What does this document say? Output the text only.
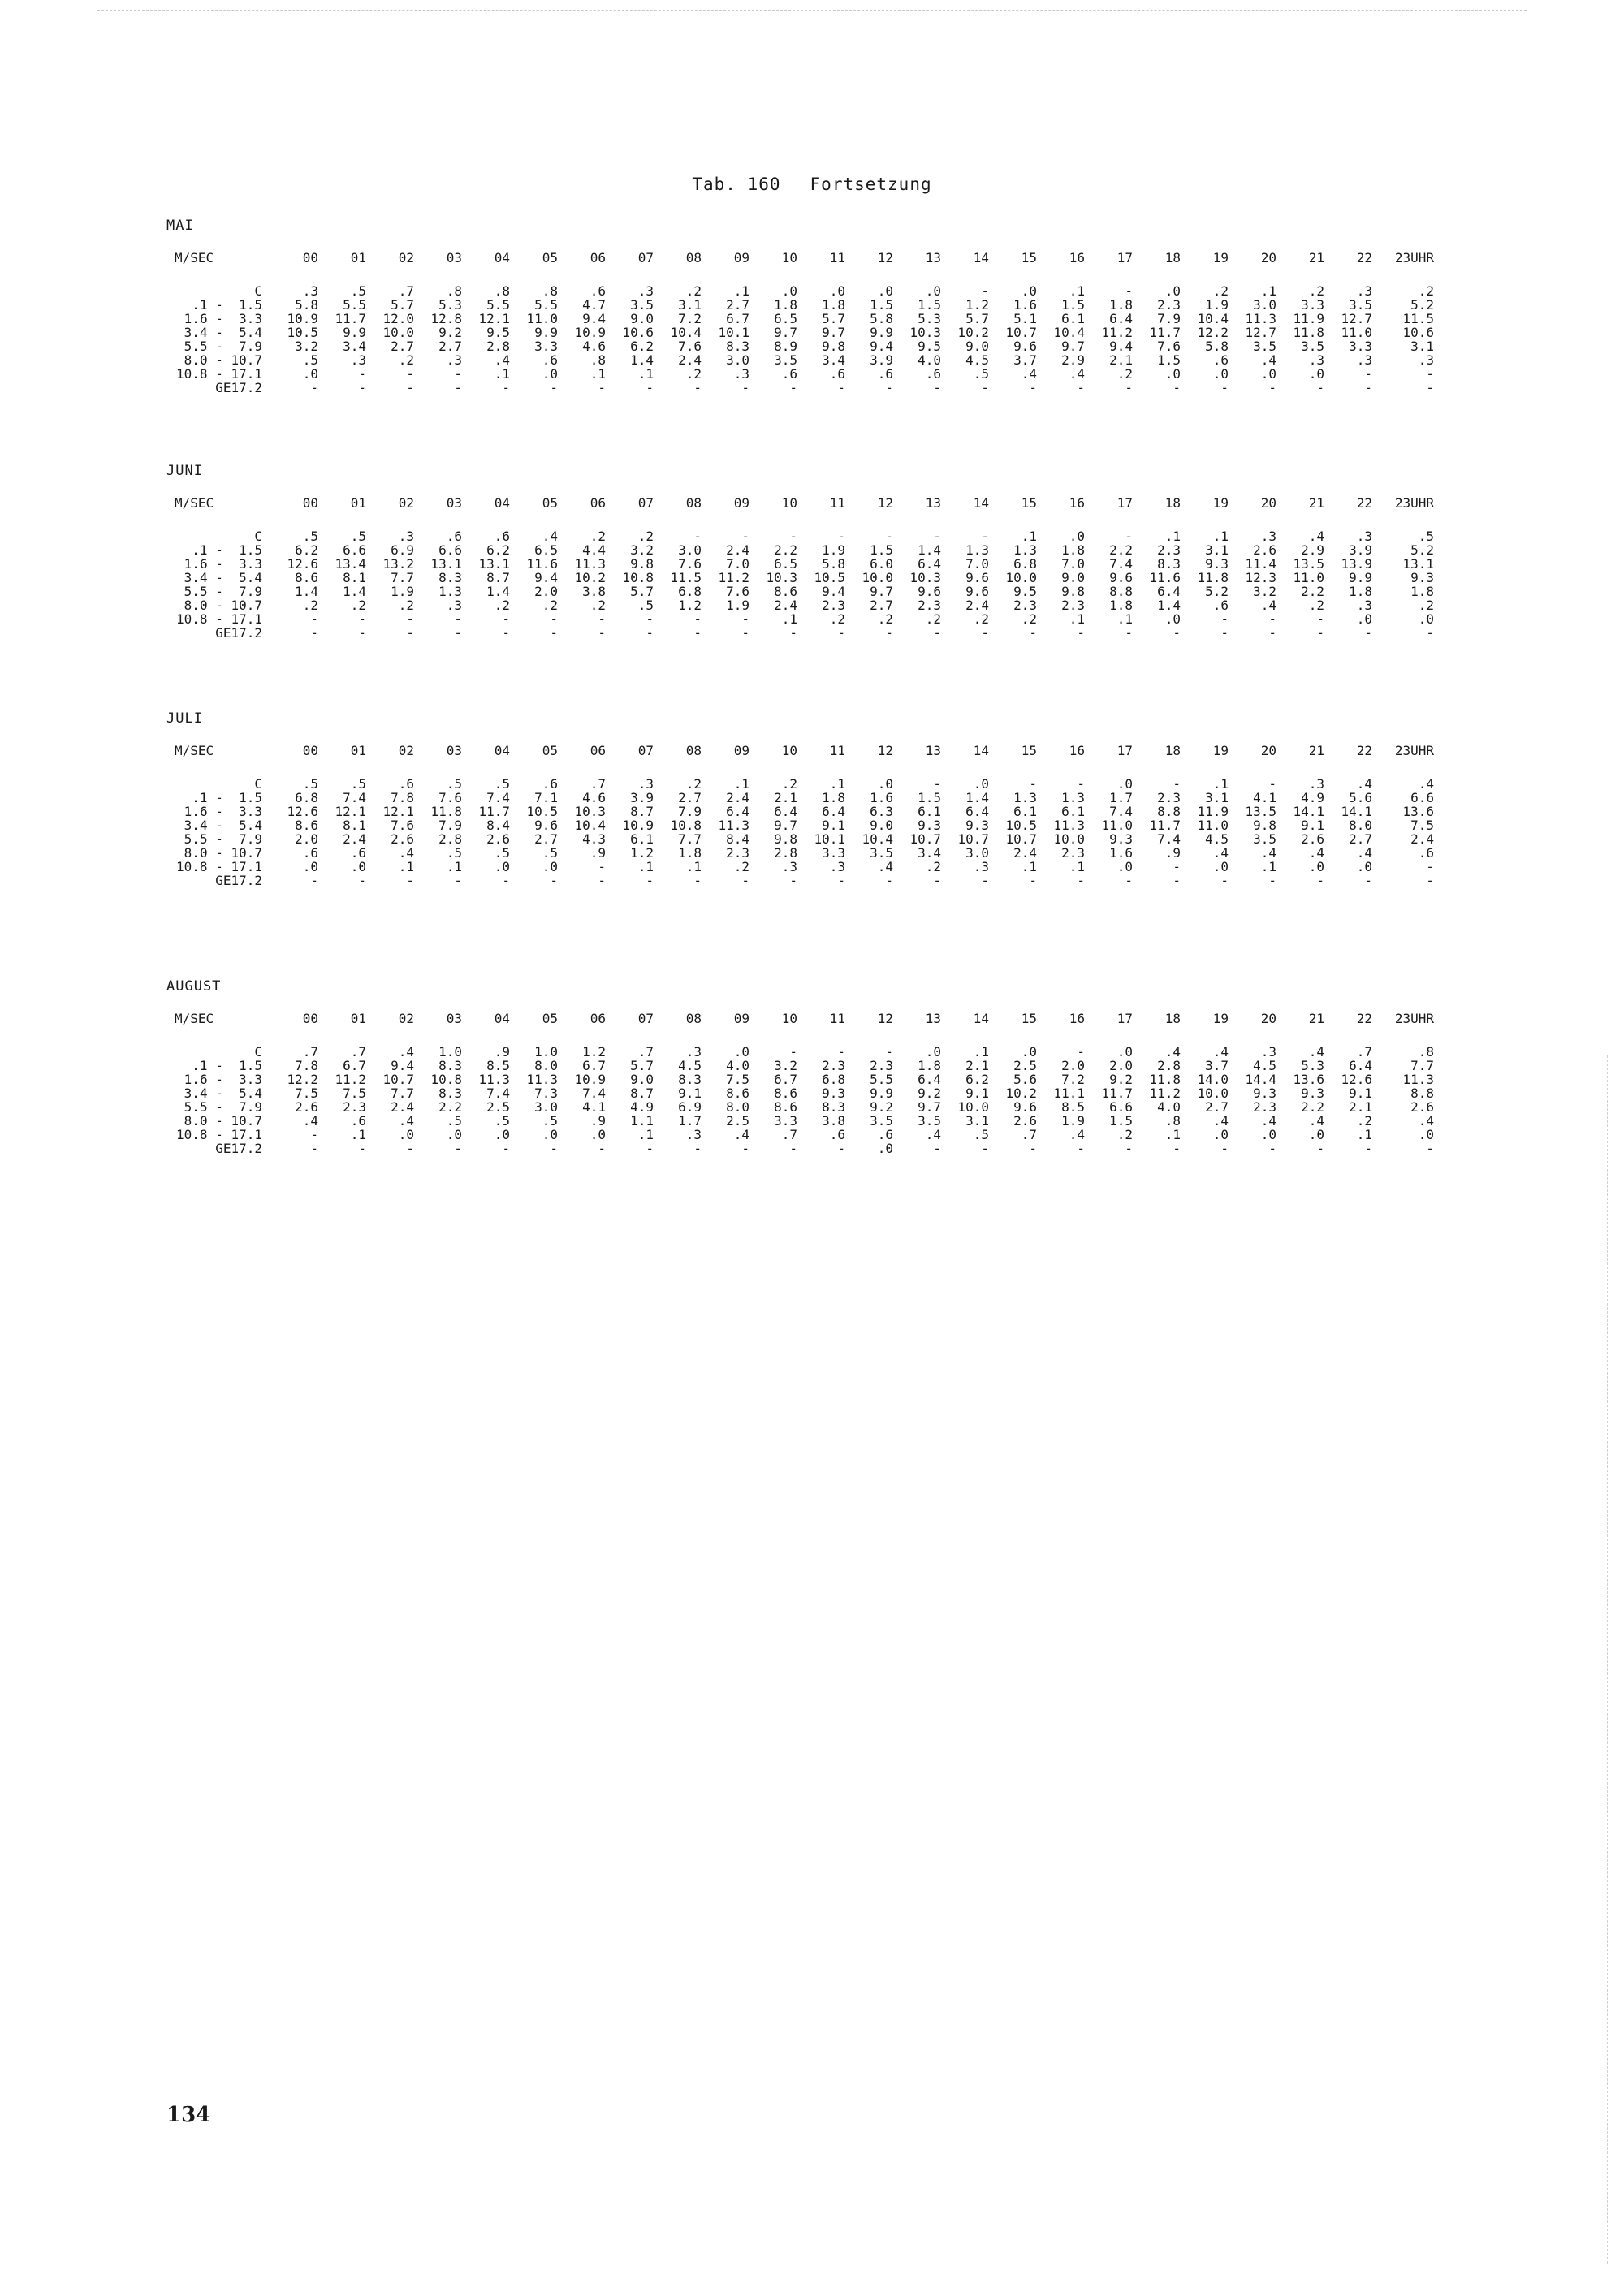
Tab. 160 Fortsetzung
MAI
M/SEC	00	01	02	03	04	05	06	07	08	09	10	11	12	13	14	15	16	17	18	19	20	21	22	23UHR
C	.3	.5	.7	.8	.8	.8	.6	.3	.2	.1	.0	.0	.0	.0	-	.0	.1	-	.0	.2	.1	.2	.3	.2
.1 -  1.5	5.8	5.5	5.7	5.3	5.5	5.5	4.7	3.5	3.1	2.7	1.8	1.8	1.5	1.5	1.2	1.6	1.5	1.8	2.3	1.9	3.0	3.3	3.5	5.2
1.6 -  3.3	10.9	11.7	12.0	12.8	12.1	11.0	9.4	9.0	7.2	6.7	6.5	5.7	5.8	5.3	5.7	5.1	6.1	6.4	7.9	10.4	11.3	11.9	12.7	11.5
3.4 -  5.4	10.5	9.9	10.0	9.2	9.5	9.9	10.9	10.6	10.4	10.1	9.7	9.7	9.9	10.3	10.2	10.7	10.4	11.2	11.7	12.2	12.7	11.8	11.0	10.6
5.5 -  7.9	3.2	3.4	2.7	2.7	2.8	3.3	4.6	6.2	7.6	8.3	8.9	9.8	9.4	9.5	9.0	9.6	9.7	9.4	7.6	5.8	3.5	3.5	3.3	3.1
8.0 - 10.7	.5	.3	.2	.3	.4	.6	.8	1.4	2.4	3.0	3.5	3.4	3.9	4.0	4.5	3.7	2.9	2.1	1.5	.6	.4	.3	.3	.3
10.8 - 17.1	.0	-	-	-	.1	.0	.1	.1	.2	.3	.6	.6	.6	.6	.5	.4	.4	.2	.0	.0	.0	.0	-	-
GE17.2	-	-	-	-	-	-	-	-	-	-	-	-	-	-	-	-	-	-	-	-	-	-	-	-
JUNI
M/SEC	00	01	02	03	04	05	06	07	08	09	10	11	12	13	14	15	16	17	18	19	20	21	22	23UHR
C	.5	.5	.3	.6	.6	.4	.2	.2	-	-	-	-	-	-	-	.1	.0	-	.1	.1	.3	.4	.3	.5
.1 -  1.5	6.2	6.6	6.9	6.6	6.2	6.5	4.4	3.2	3.0	2.4	2.2	1.9	1.5	1.4	1.3	1.3	1.8	2.2	2.3	3.1	2.6	2.9	3.9	5.2
1.6 -  3.3	12.6	13.4	13.2	13.1	13.1	11.6	11.3	9.8	7.6	7.0	6.5	5.8	6.0	6.4	7.0	6.8	7.0	7.4	8.3	9.3	11.4	13.5	13.9	13.1
3.4 -  5.4	8.6	8.1	7.7	8.3	8.7	9.4	10.2	10.8	11.5	11.2	10.3	10.5	10.0	10.3	9.6	10.0	9.0	9.6	11.6	11.8	12.3	11.0	9.9	9.3
5.5 -  7.9	1.4	1.4	1.9	1.3	1.4	2.0	3.8	5.7	6.8	7.6	8.6	9.4	9.7	9.6	9.6	9.5	9.8	8.8	6.4	5.2	3.2	2.2	1.8	1.8
8.0 - 10.7	.2	.2	.2	.3	.2	.2	.2	.5	1.2	1.9	2.4	2.3	2.7	2.3	2.4	2.3	2.3	1.8	1.4	.6	.4	.2	.3	.2
10.8 - 17.1	-	-	-	-	-	-	-	-	-	-	.1	.2	.2	.2	.2	.2	.1	.1	.0	-	-	-	.0	.0
GE17.2	-	-	-	-	-	-	-	-	-	-	-	-	-	-	-	-	-	-	-	-	-	-	-	-
JULI
M/SEC	00	01	02	03	04	05	06	07	08	09	10	11	12	13	14	15	16	17	18	19	20	21	22	23UHR
C	.5	.5	.6	.5	.5	.6	.7	.3	.2	.1	.2	.1	.0	-	.0	-	-	.0	-	.1	-	.3	.4	.4
.1 -  1.5	6.8	7.4	7.8	7.6	7.4	7.1	4.6	3.9	2.7	2.4	2.1	1.8	1.6	1.5	1.4	1.3	1.3	1.7	2.3	3.1	4.1	4.9	5.6	6.6
1.6 -  3.3	12.6	12.1	12.1	11.8	11.7	10.5	10.3	8.7	7.9	6.4	6.4	6.4	6.3	6.1	6.4	6.1	6.1	7.4	8.8	11.9	13.5	14.1	14.1	13.6
3.4 -  5.4	8.6	8.1	7.6	7.9	8.4	9.6	10.4	10.9	10.8	11.3	9.7	9.1	9.0	9.3	9.3	10.5	11.3	11.0	11.7	11.0	9.8	9.1	8.0	7.5
5.5 -  7.9	2.0	2.4	2.6	2.8	2.6	2.7	4.3	6.1	7.7	8.4	9.8	10.1	10.4	10.7	10.7	10.7	10.0	9.3	7.4	4.5	3.5	2.6	2.7	2.4
8.0 - 10.7	.6	.6	.4	.5	.5	.5	.9	1.2	1.8	2.3	2.8	3.3	3.5	3.4	3.0	2.4	2.3	1.6	.9	.4	.4	.4	.4	.6
10.8 - 17.1	.0	.0	.1	.1	.0	.0	-	.1	.1	.2	.3	.3	.4	.2	.3	.1	.1	.0	-	.0	.1	.0	.0	-
GE17.2	-	-	-	-	-	-	-	-	-	-	-	-	-	-	-	-	-	-	-	-	-	-	-	-
AUGUST
M/SEC	00	01	02	03	04	05	06	07	08	09	10	11	12	13	14	15	16	17	18	19	20	21	22	23UHR
C	.7	.7	.4	1.0	.9	1.0	1.2	.7	.3	.0	-	-	-	.0	.1	.0	-	.0	.4	.4	.3	.4	.7	.8
.1 -  1.5	7.8	6.7	9.4	8.3	8.5	8.0	6.7	5.7	4.5	4.0	3.2	2.3	2.3	1.8	2.1	2.5	2.0	2.0	2.8	3.7	4.5	5.3	6.4	7.7
1.6 -  3.3	12.2	11.2	10.7	10.8	11.3	11.3	10.9	9.0	8.3	7.5	6.7	6.8	5.5	6.4	6.2	5.6	7.2	9.2	11.8	14.0	14.4	13.6	12.6	11.3
3.4 -  5.4	7.5	7.5	7.7	8.3	7.4	7.3	7.4	8.7	9.1	8.6	8.6	9.3	9.9	9.2	9.1	10.2	11.1	11.7	11.2	10.0	9.3	9.3	9.1	8.8
5.5 -  7.9	2.6	2.3	2.4	2.2	2.5	3.0	4.1	4.9	6.9	8.0	8.6	8.3	9.2	9.7	10.0	9.6	8.5	6.6	4.0	2.7	2.3	2.2	2.1	2.6
8.0 - 10.7	.4	.6	.4	.5	.5	.5	.9	1.1	1.7	2.5	3.3	3.8	3.5	3.5	3.1	2.6	1.9	1.5	.8	.4	.4	.4	.2	.4
10.8 - 17.1	-	.1	.0	.0	.0	.0	.0	.1	.3	.4	.7	.6	.6	.4	.5	.7	.4	.2	.1	.0	.0	.0	.1	.0
GE17.2	-	-	-	-	-	-	-	-	-	-	-	-	.0	-	-	-	-	-	-	-	-	-	-	-
134
